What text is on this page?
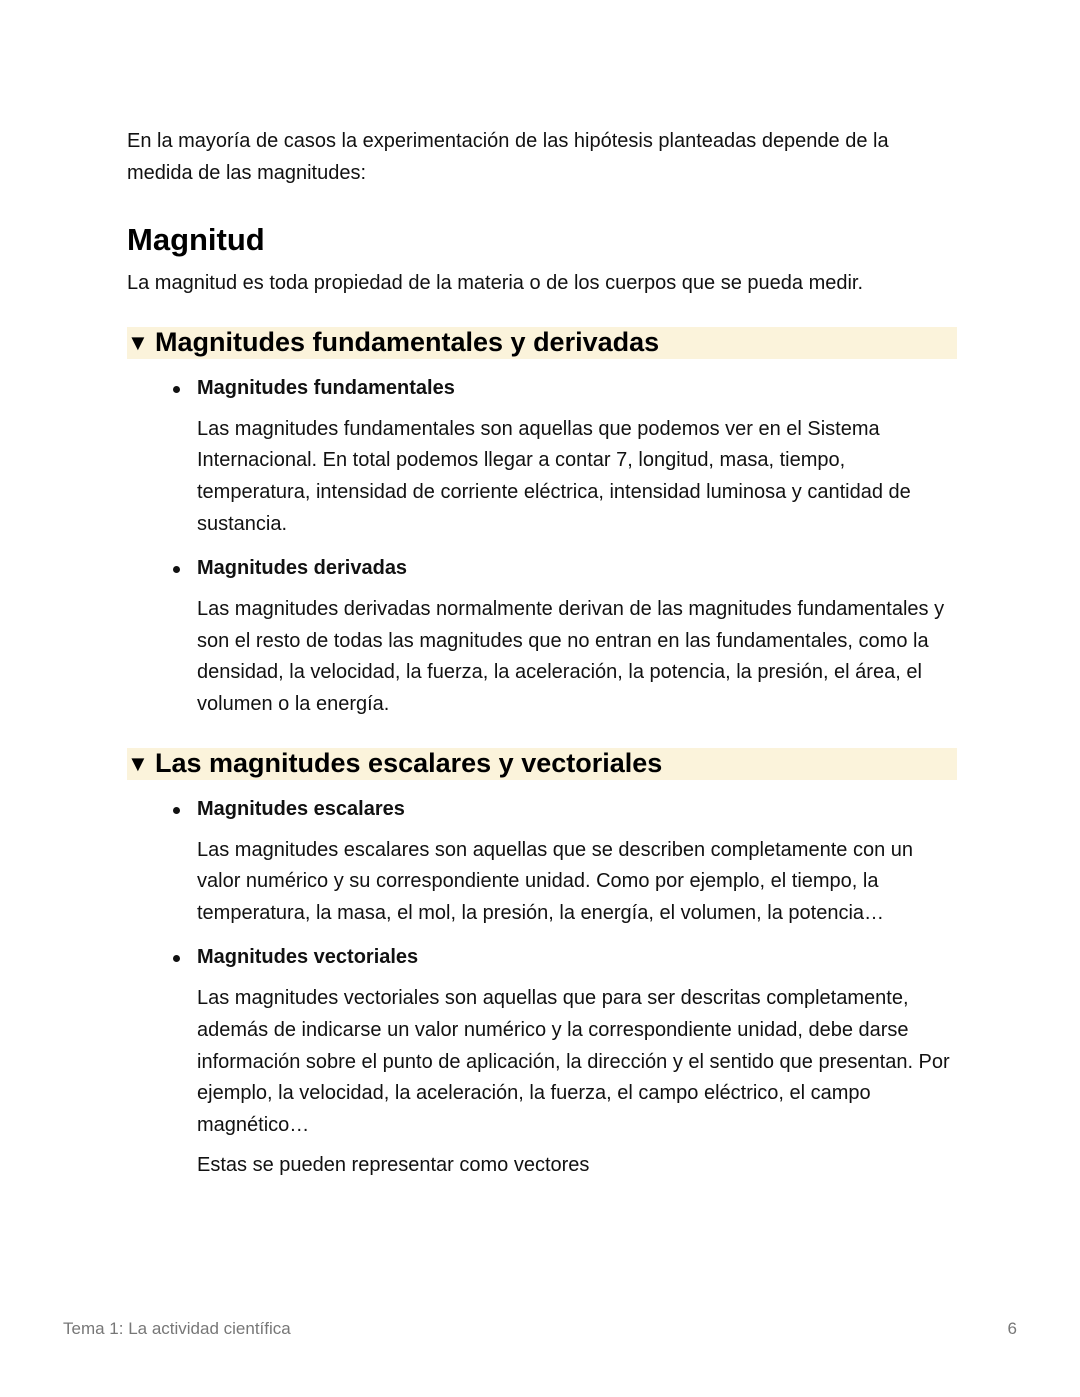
En la mayoría de casos la experimentación de las hipótesis planteadas depende de la medida de las magnitudes:

Magnitud

La magnitud es toda propiedad de la materia o de los cuerpos que se pueda medir.

▼ Magnitudes fundamentales y derivadas
Magnitudes fundamentales

Las magnitudes fundamentales son aquellas que podemos ver en el Sistema Internacional. En total podemos llegar a contar 7, longitud, masa, tiempo, temperatura, intensidad de corriente eléctrica, intensidad luminosa y cantidad de sustancia.

Magnitudes derivadas

Las magnitudes derivadas normalmente derivan de las magnitudes fundamentales y son el resto de todas las magnitudes que no entran en las fundamentales, como la densidad, la velocidad, la fuerza, la aceleración, la potencia, la presión, el área, el volumen o la energía.

▼ Las magnitudes escalares y vectoriales
Magnitudes escalares

Las magnitudes escalares son aquellas que se describen completamente con un valor numérico y su correspondiente unidad. Como por ejemplo, el tiempo, la temperatura, la masa, el mol, la presión, la energía, el volumen, la potencia…

Magnitudes vectoriales

Las magnitudes vectoriales son aquellas que para ser descritas completamente, además de indicarse un valor numérico y la correspondiente unidad, debe darse información sobre el punto de aplicación, la dirección y el sentido que presentan. Por ejemplo, la velocidad, la aceleración, la fuerza, el campo eléctrico, el campo magnético…

Estas se pueden representar como vectores

Tema 1: La actividad científica	6
